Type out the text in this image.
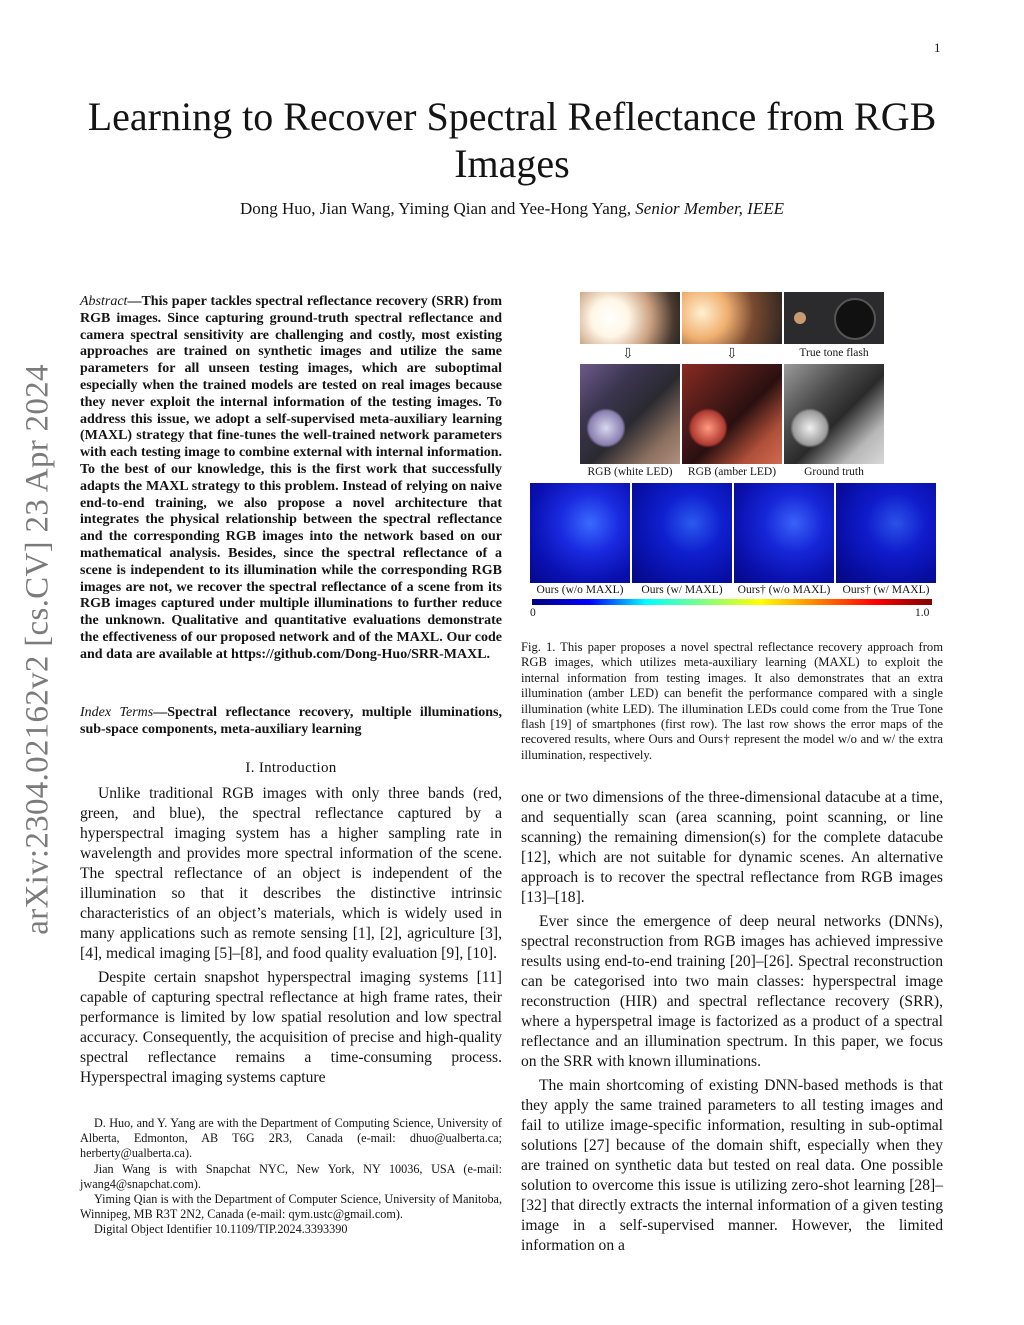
1
arXiv:2304.02162v2 [cs.CV] 23 Apr 2024
Learning to Recover Spectral Reflectance from RGB Images
Dong Huo, Jian Wang, Yiming Qian and Yee-Hong Yang, Senior Member, IEEE
Abstract—This paper tackles spectral reflectance recovery (SRR) from RGB images. Since capturing ground-truth spectral reflectance and camera spectral sensitivity are challenging and costly, most existing approaches are trained on synthetic images and utilize the same parameters for all unseen testing images, which are suboptimal especially when the trained models are tested on real images because they never exploit the internal information of the testing images. To address this issue, we adopt a self-supervised meta-auxiliary learning (MAXL) strategy that fine-tunes the well-trained network parameters with each testing image to combine external with internal information. To the best of our knowledge, this is the first work that successfully adapts the MAXL strategy to this problem. Instead of relying on naive end-to-end training, we also propose a novel architecture that integrates the physical relationship between the spectral reflectance and the corresponding RGB images into the network based on our mathematical analysis. Besides, since the spectral reflectance of a scene is independent to its illumination while the corresponding RGB images are not, we recover the spectral reflectance of a scene from its RGB images captured under multiple illuminations to further reduce the unknown. Qualitative and quantitative evaluations demonstrate the effectiveness of our proposed network and of the MAXL. Our code and data are available at https://github.com/Dong-Huo/SRR-MAXL.
Index Terms—Spectral reflectance recovery, multiple illuminations, sub-space components, meta-auxiliary learning
I. Introduction

Unlike traditional RGB images with only three bands (red, green, and blue), the spectral reflectance captured by a hyperspectral imaging system has a higher sampling rate in wavelength and provides more spectral information of the scene. The spectral reflectance of an object is independent of the illumination so that it describes the distinctive intrinsic characteristics of an object’s materials, which is widely used in many applications such as remote sensing [1], [2], agriculture [3], [4], medical imaging [5]–[8], and food quality evaluation [9], [10].

Despite certain snapshot hyperspectral imaging systems [11] capable of capturing spectral reflectance at high frame rates, their performance is limited by low spatial resolution and low spectral accuracy. Consequently, the acquisition of precise and high-quality spectral reflectance remains a time-consuming process. Hyperspectral imaging systems capture

D. Huo, and Y. Yang are with the Department of Computing Science, University of Alberta, Edmonton, AB T6G 2R3, Canada (e-mail: dhuo@ualberta.ca; herberty@ualberta.ca).

Jian Wang is with Snapchat NYC, New York, NY 10036, USA (e-mail: jwang4@snapchat.com).

Yiming Qian is with the Department of Computer Science, University of Manitoba, Winnipeg, MB R3T 2N2, Canada (e-mail: qym.ustc@gmail.com).

Digital Object Identifier 10.1109/TIP.2024.3393390

⇩	⇩	True tone flash
RGB (white LED)	RGB (amber LED)	Ground truth
Ours (w/o MAXL)	Ours (w/ MAXL)	Ours† (w/o MAXL)	Ours† (w/ MAXL)
0	1.0
Fig. 1. This paper proposes a novel spectral reflectance recovery approach from RGB images, which utilizes meta-auxiliary learning (MAXL) to exploit the internal information from testing images. It also demonstrates that an extra illumination (amber LED) can benefit the performance compared with a single illumination (white LED). The illumination LEDs could come from the True Tone flash [19] of smartphones (first row). The last row shows the error maps of the recovered results, where Ours and Ours† represent the model w/o and w/ the extra illumination, respectively.

one or two dimensions of the three-dimensional datacube at a time, and sequentially scan (area scanning, point scanning, or line scanning) the remaining dimension(s) for the complete datacube [12], which are not suitable for dynamic scenes. An alternative approach is to recover the spectral reflectance from RGB images [13]–[18].

Ever since the emergence of deep neural networks (DNNs), spectral reconstruction from RGB images has achieved impressive results using end-to-end training [20]–[26]. Spectral reconstruction can be categorised into two main classes: hyperspectral image reconstruction (HIR) and spectral reflectance recovery (SRR), where a hyperspetral image is factorized as a product of a spectral reflectance and an illumination spectrum. In this paper, we focus on the SRR with known illuminations.

The main shortcoming of existing DNN-based methods is that they apply the same trained parameters to all testing images and fail to utilize image-specific information, resulting in sub-optimal solutions [27] because of the domain shift, especially when they are trained on synthetic data but tested on real data. One possible solution to overcome this issue is utilizing zero-shot learning [28]–[32] that directly extracts the internal information of a given testing image in a self-supervised manner. However, the limited information on a
